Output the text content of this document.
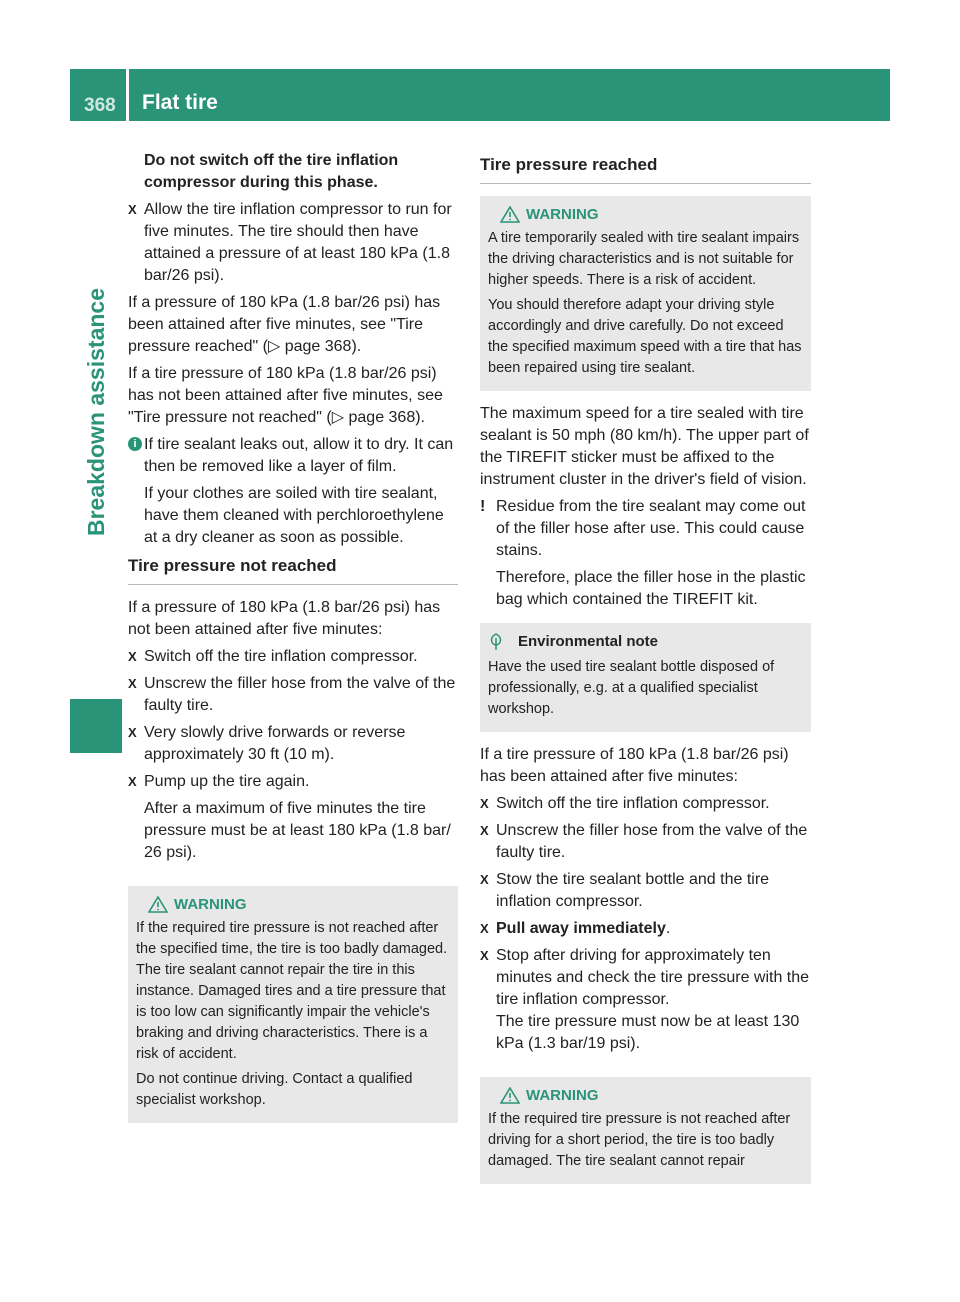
368 Flat tire
Breakdown assistance

Do not switch off the tire inflation compressor during this phase.

X Allow the tire inflation compressor to run for five minutes. The tire should then have attained a pressure of at least 180 kPa (1.8 bar/26 psi).

If a pressure of 180 kPa (1.8 bar/26 psi) has been attained after five minutes, see "Tire pressure reached" (▷ page 368).

If a tire pressure of 180 kPa (1.8 bar/26 psi) has not been attained after five minutes, see "Tire pressure not reached" (▷ page 368).

i If tire sealant leaks out, allow it to dry. It can then be removed like a layer of film.

If your clothes are soiled with tire sealant, have them cleaned with perchloroethylene at a dry cleaner as soon as possible.

Tire pressure not reached

If a pressure of 180 kPa (1.8 bar/26 psi) has not been attained after five minutes:

X Switch off the tire inflation compressor.
X Unscrew the filler hose from the valve of the faulty tire.
X Very slowly drive forwards or reverse approximately 30 ft (10 m).
X Pump up the tire again.

After a maximum of five minutes the tire pressure must be at least 180 kPa (1.8 bar/ 26 psi).

WARNING

If the required tire pressure is not reached after the specified time, the tire is too badly damaged. The tire sealant cannot repair the tire in this instance. Damaged tires and a tire pressure that is too low can significantly impair the vehicle's braking and driving characteristics. There is a risk of accident.

Do not continue driving. Contact a qualified specialist workshop.

Tire pressure reached
WARNING

A tire temporarily sealed with tire sealant impairs the driving characteristics and is not suitable for higher speeds. There is a risk of accident.

You should therefore adapt your driving style accordingly and drive carefully. Do not exceed the specified maximum speed with a tire that has been repaired using tire sealant.

The maximum speed for a tire sealed with tire sealant is 50 mph (80 km/h). The upper part of the TIREFIT sticker must be affixed to the instrument cluster in the driver's field of vision.

! Residue from the tire sealant may come out of the filler hose after use. This could cause stains.

Therefore, place the filler hose in the plastic bag which contained the TIREFIT kit.

Environmental note

Have the used tire sealant bottle disposed of professionally, e.g. at a qualified specialist workshop.

If a tire pressure of 180 kPa (1.8 bar/26 psi) has been attained after five minutes:

X Switch off the tire inflation compressor.
X Unscrew the filler hose from the valve of the faulty tire.
X Stow the tire sealant bottle and the tire inflation compressor.
X Pull away immediately.
X Stop after driving for approximately ten minutes and check the tire pressure with the tire inflation compressor.

The tire pressure must now be at least 130 kPa (1.3 bar/19 psi).

WARNING

If the required tire pressure is not reached after driving for a short period, the tire is too badly damaged. The tire sealant cannot repair
